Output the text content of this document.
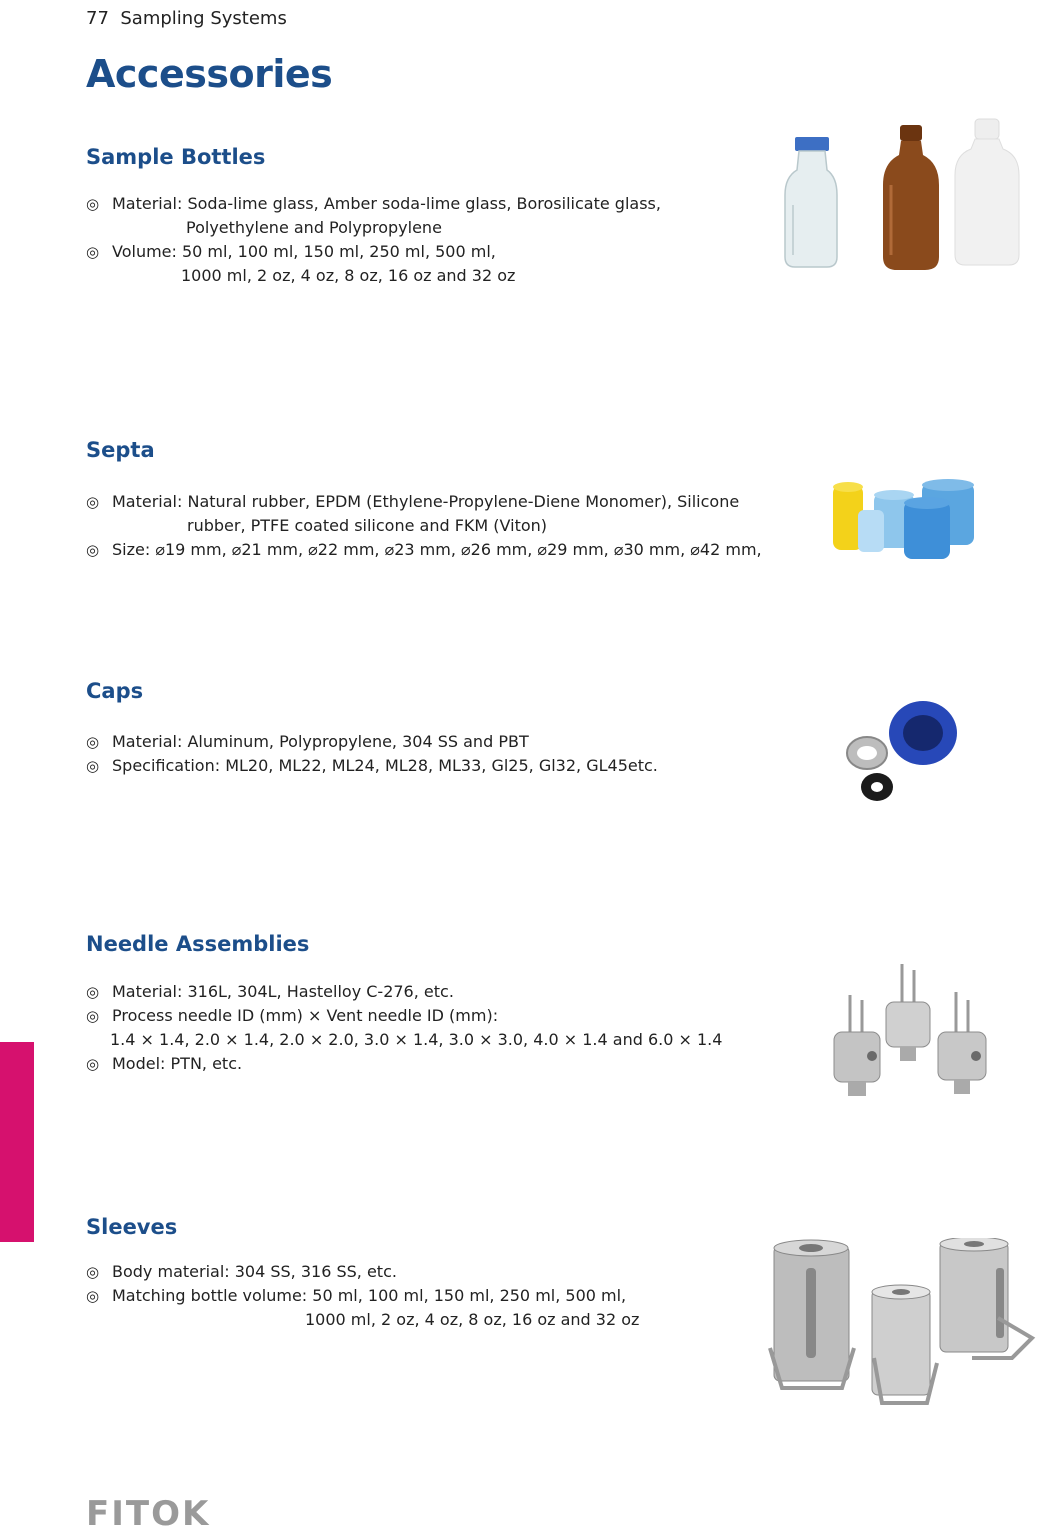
77 Sampling Systems
Accessories
Sample Bottles
◎ Material: Soda-lime glass, Amber soda-lime glass, Borosilicate glass,
Polyethylene and Polypropylene
◎ Volume: 50 ml, 100 ml, 150 ml, 250 ml, 500 ml,
1000 ml, 2 oz, 4 oz, 8 oz, 16 oz and 32 oz
Septa
◎ Material: Natural rubber, EPDM (Ethylene-Propylene-Diene Monomer), Silicone
rubber, PTFE coated silicone and FKM (Viton)
◎ Size: ⌀19 mm, ⌀21 mm, ⌀22 mm, ⌀23 mm, ⌀26 mm, ⌀29 mm, ⌀30 mm, ⌀42 mm,
Caps
◎ Material: Aluminum, Polypropylene, 304 SS and PBT
◎ Specification: ML20, ML22, ML24, ML28, ML33, Gl25, Gl32, GL45etc.
Needle Assemblies
◎ Material: 316L, 304L, Hastelloy C-276, etc.
◎ Process needle ID (mm) × Vent needle ID (mm):
1.4 × 1.4, 2.0 × 1.4, 2.0 × 2.0, 3.0 × 1.4, 3.0 × 3.0, 4.0 × 1.4 and 6.0 × 1.4
◎ Model: PTN, etc.
Sleeves
◎ Body material: 304 SS, 316 SS, etc.
◎ Matching bottle volume: 50 ml, 100 ml, 150 ml, 250 ml, 500 ml,
1000 ml, 2 oz, 4 oz, 8 oz, 16 oz and 32 oz
FITOK
